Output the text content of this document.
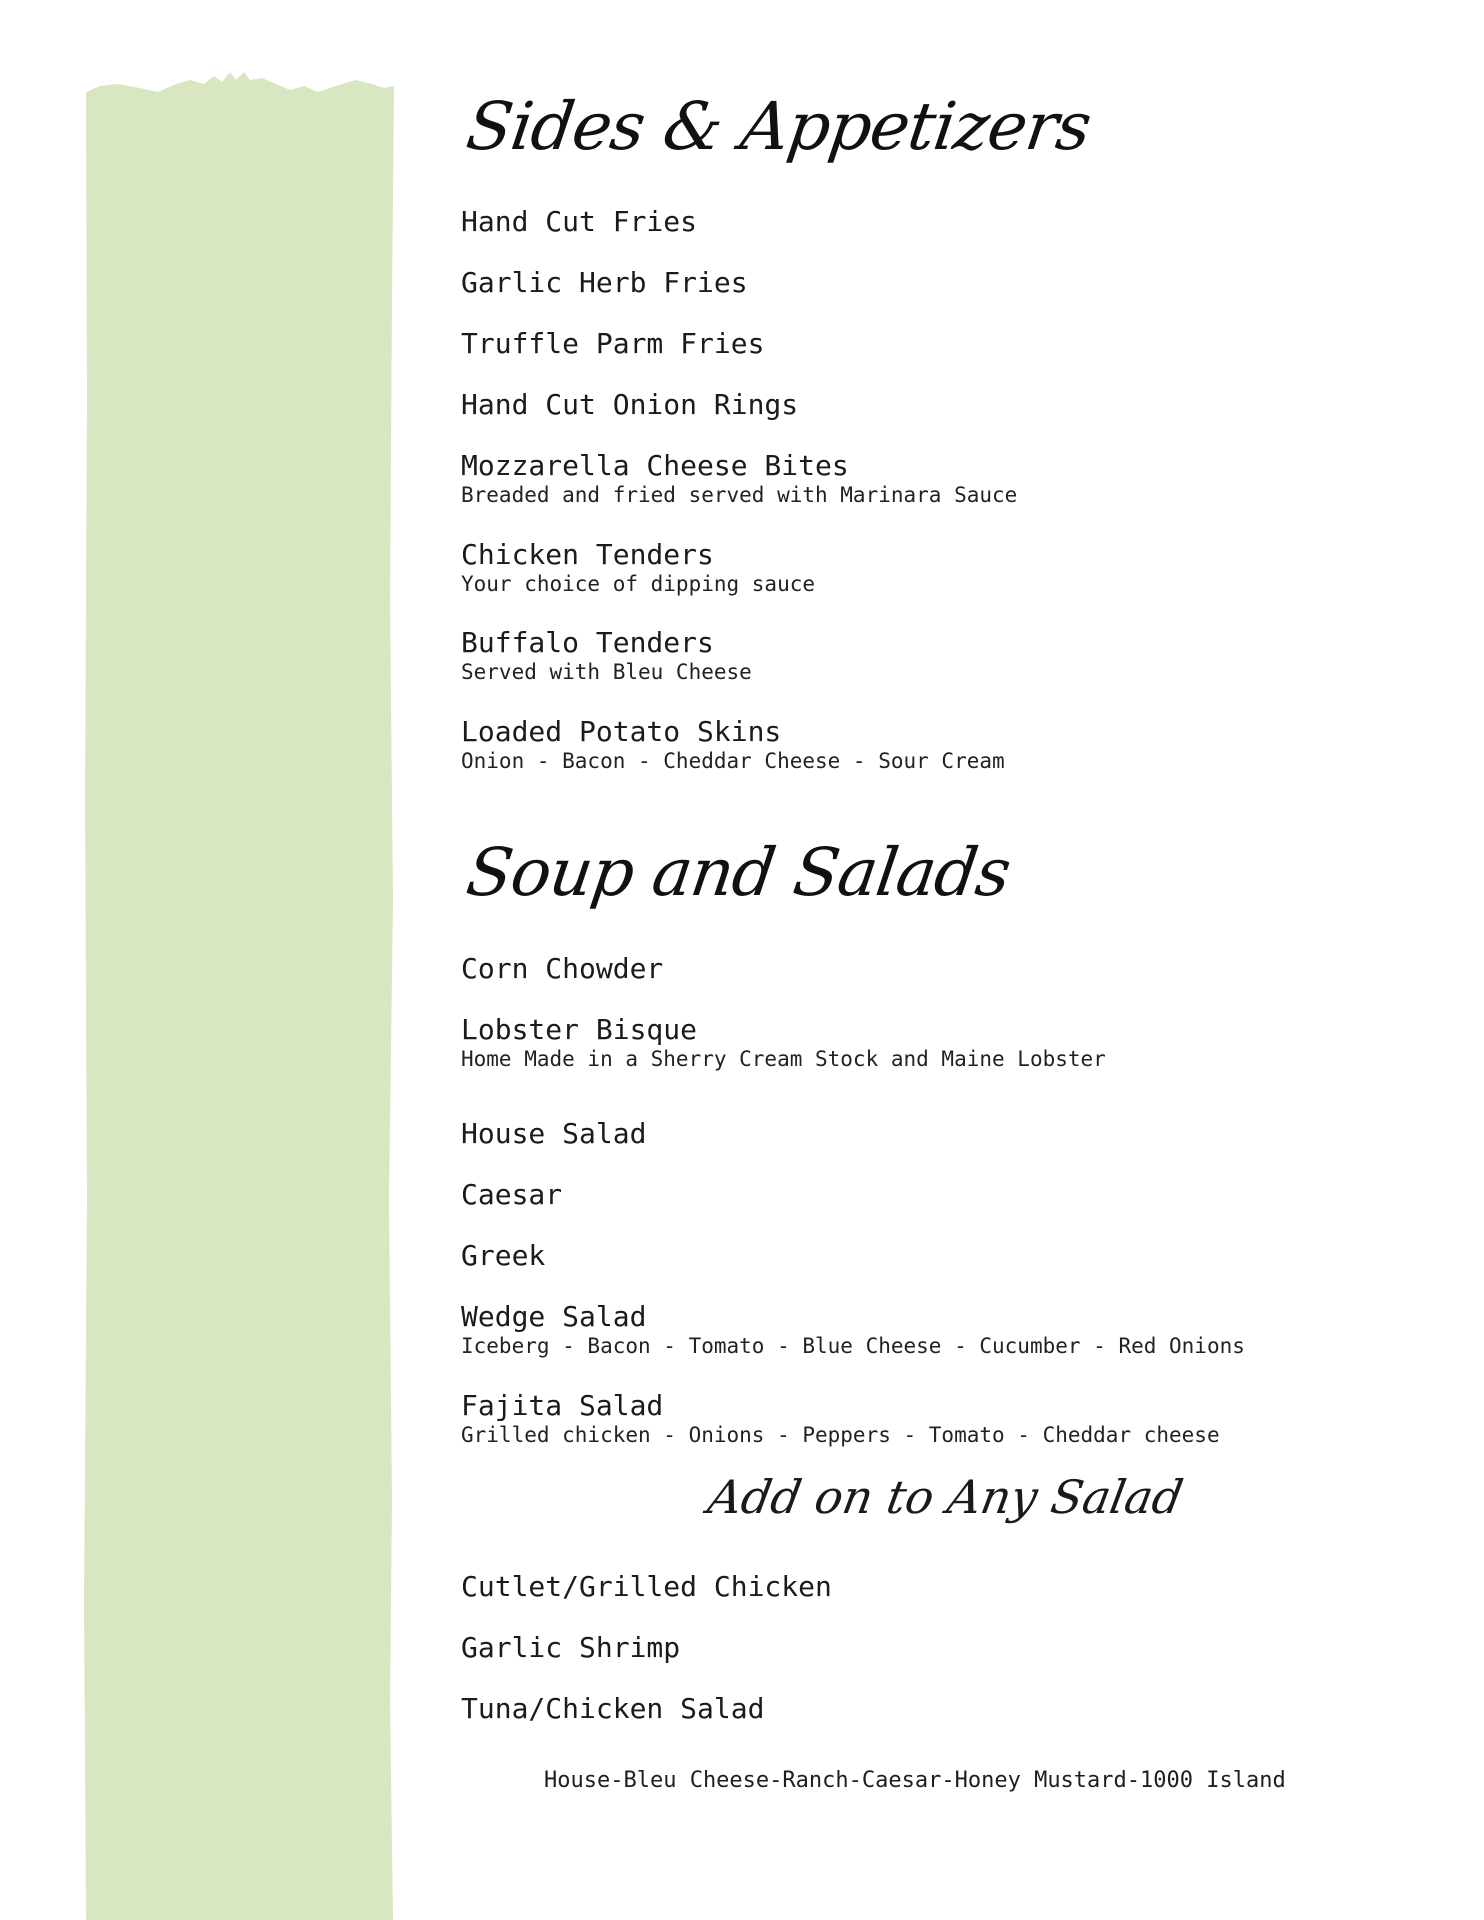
Sides & Appetizers
Hand Cut Fries
Garlic Herb Fries
Truffle Parm Fries
Hand Cut Onion Rings
Mozzarella Cheese Bites
Breaded and fried served with Marinara Sauce
Chicken Tenders
Your choice of dipping sauce
Buffalo Tenders
Served with Bleu Cheese
Loaded Potato Skins
Onion - Bacon - Cheddar Cheese - Sour Cream
Soup and Salads
Corn Chowder
Lobster Bisque
Home Made in a Sherry Cream Stock and Maine Lobster
House Salad
Caesar
Greek
Wedge Salad
Iceberg - Bacon - Tomato - Blue Cheese - Cucumber - Red Onions
Fajita Salad
Grilled chicken - Onions - Peppers - Tomato - Cheddar cheese
Add on to Any Salad
Cutlet/Grilled Chicken
Garlic Shrimp
Tuna/Chicken Salad
House-Bleu Cheese-Ranch-Caesar-Honey Mustard-1000 Island
